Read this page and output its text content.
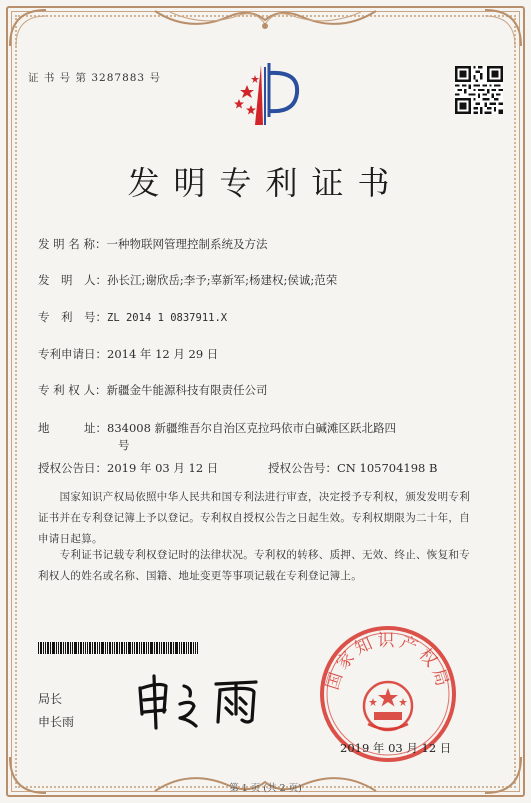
证 书 号 第 3287883 号
发明专利证书
发 明 名 称：一种物联网管理控制系统及方法
发　明　人：孙长江;谢欣岳;李予;辜新军;杨建权;侯诚;范荣
专　利　号：ZL 2014 1 0837911.X
专利申请日：2014 年 12 月 29 日
专 利 权 人：新疆金牛能源科技有限责任公司
地　　　址：834008 新疆维吾尔自治区克拉玛依市白碱滩区跃北路四
号
授权公告日：2019 年 03 月 12 日	授权公告号：CN 105704198 B
　　国家知识产权局依照中华人民共和国专利法进行审查，决定授予专利权，颁发发明专利
证书并在专利登记簿上予以登记。专利权自授权公告之日起生效。专利权期限为二十年，自
申请日起算。
　　专利证书记载专利权登记时的法律状况。专利权的转移、质押、无效、终止、恢复和专
利权人的姓名或名称、国籍、地址变更等事项记载在专利登记簿上。
局长
申长雨
国家知识产权局
2019 年 03 月 12 日
第 1 页 (共 2 页)
